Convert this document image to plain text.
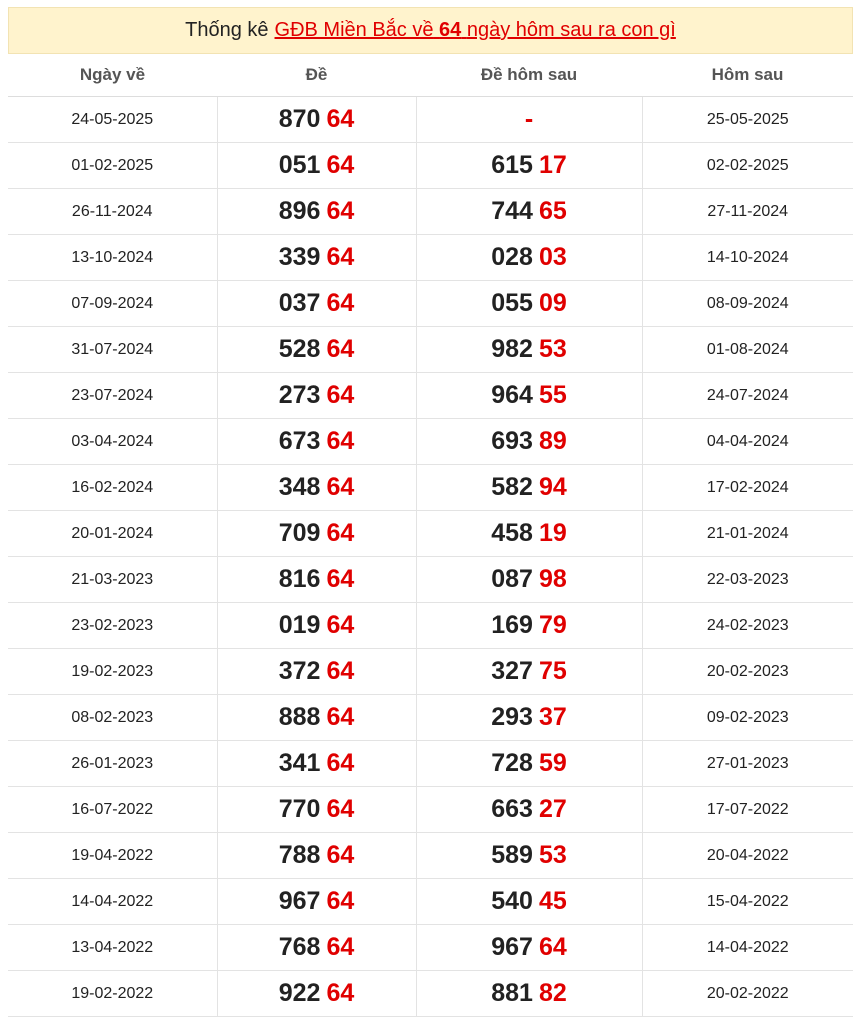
Thống kê GĐB Miền Bắc về 64 ngày hôm sau ra con gì
Ngày về	Đề	Đề hôm sau	Hôm sau
24-05-2025	870 64	-	25-05-2025
01-02-2025	051 64	615 17	02-02-2025
26-11-2024	896 64	744 65	27-11-2024
13-10-2024	339 64	028 03	14-10-2024
07-09-2024	037 64	055 09	08-09-2024
31-07-2024	528 64	982 53	01-08-2024
23-07-2024	273 64	964 55	24-07-2024
03-04-2024	673 64	693 89	04-04-2024
16-02-2024	348 64	582 94	17-02-2024
20-01-2024	709 64	458 19	21-01-2024
21-03-2023	816 64	087 98	22-03-2023
23-02-2023	019 64	169 79	24-02-2023
19-02-2023	372 64	327 75	20-02-2023
08-02-2023	888 64	293 37	09-02-2023
26-01-2023	341 64	728 59	27-01-2023
16-07-2022	770 64	663 27	17-07-2022
19-04-2022	788 64	589 53	20-04-2022
14-04-2022	967 64	540 45	15-04-2022
13-04-2022	768 64	967 64	14-04-2022
19-02-2022	922 64	881 82	20-02-2022
